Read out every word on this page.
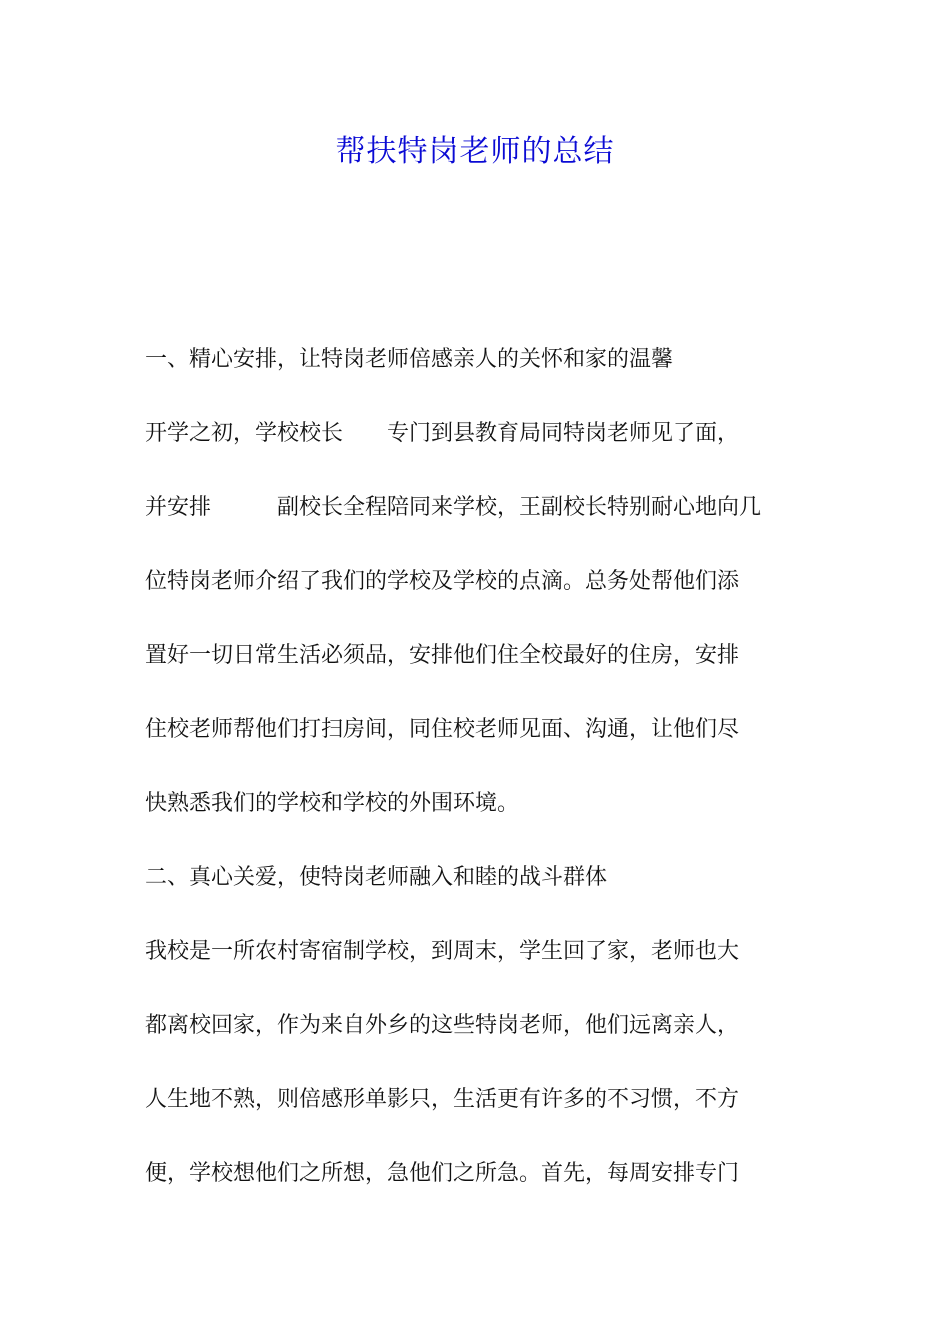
帮扶特岗老师的总结
一、精心安排，让特岗老师倍感亲人的关怀和家的温馨
开学之初，学校校长　　专门到县教育局同特岗老师见了面，
并安排　　　副校长全程陪同来学校，王副校长特别耐心地向几
位特岗老师介绍了我们的学校及学校的点滴。总务处帮他们添
置好一切日常生活必须品，安排他们住全校最好的住房，安排
住校老师帮他们打扫房间，同住校老师见面、沟通，让他们尽
快熟悉我们的学校和学校的外围环境。
二、真心关爱，使特岗老师融入和睦的战斗群体
我校是一所农村寄宿制学校，到周末，学生回了家，老师也大
都离校回家，作为来自外乡的这些特岗老师，他们远离亲人，
人生地不熟，则倍感形单影只，生活更有许多的不习惯，不方
便，学校想他们之所想，急他们之所急。首先，每周安排专门
